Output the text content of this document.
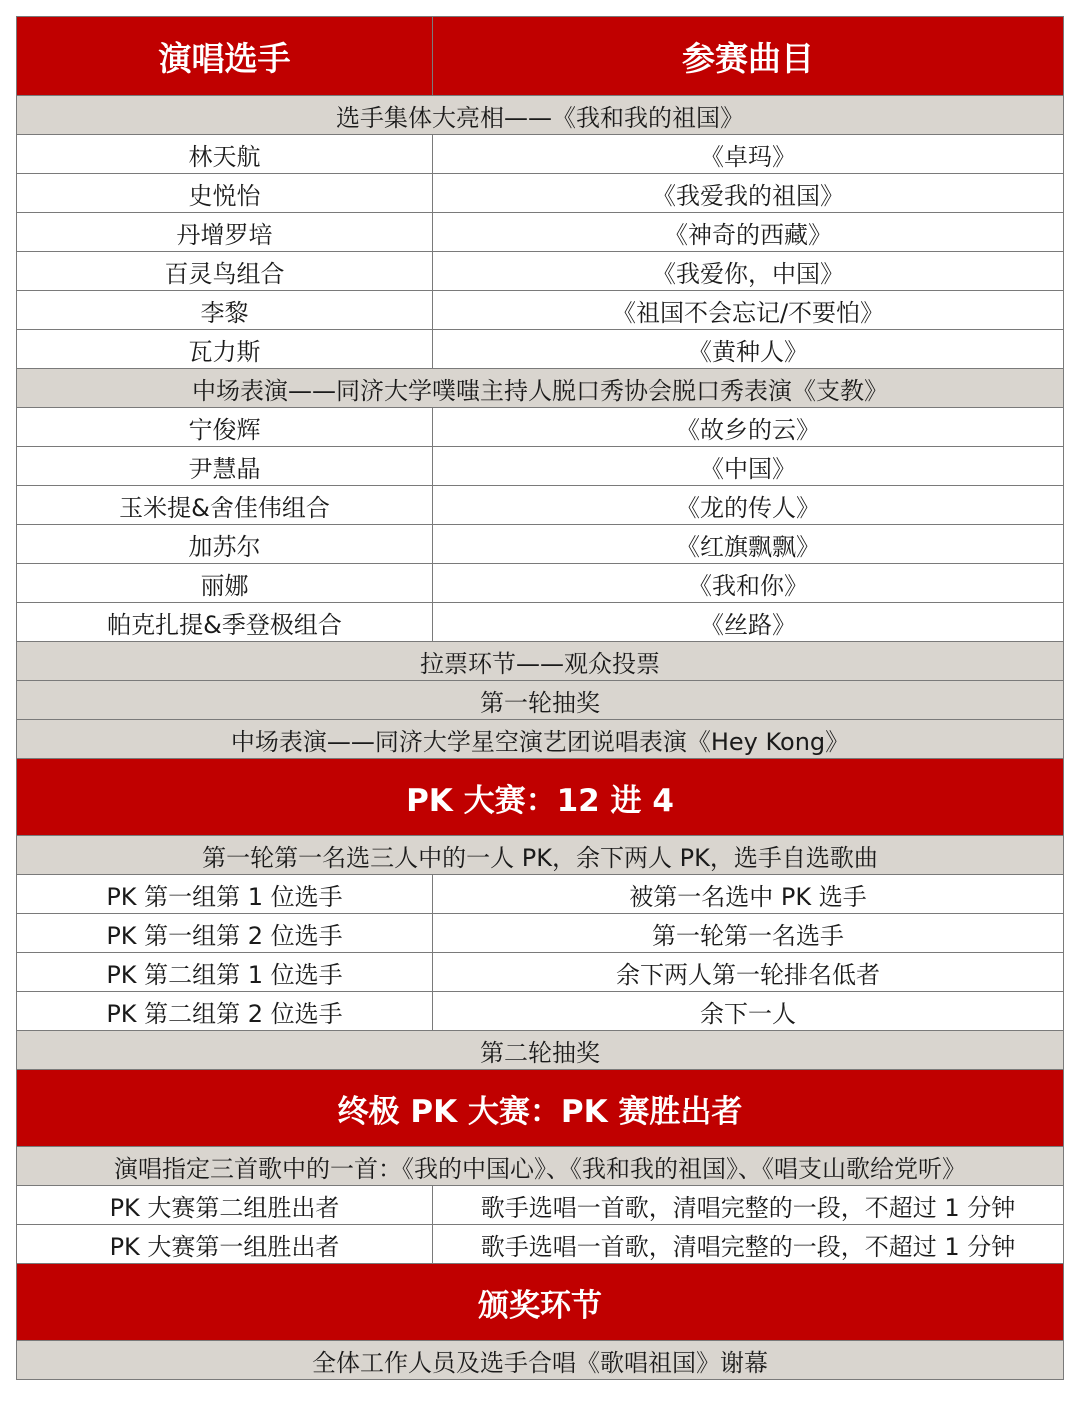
演唱选手	参赛曲目
选手集体大亮相——《我和我的祖国》	
林天航	《卓玛》
史悦怡	《我爱我的祖国》
丹增罗培	《神奇的西藏》
百灵鸟组合	《我爱你，中国》
李黎	《祖国不会忘记/不要怕》
瓦力斯	《黄种人》
中场表演——同济大学噗嗤主持人脱口秀协会脱口秀表演《支教》	
宁俊辉	《故乡的云》
尹慧晶	《中国》
玉米提&舍佳伟组合	《龙的传人》
加苏尔	《红旗飘飘》
丽娜	《我和你》
帕克扎提&季登极组合	《丝路》
拉票环节——观众投票	
第一轮抽奖	
中场表演——同济大学星空演艺团说唱表演《Hey Kong》	
PK 大赛：12 进 4	
第一轮第一名选三人中的一人 PK，余下两人 PK，选手自选歌曲	
PK 第一组第 1 位选手	被第一名选中 PK 选手
PK 第一组第 2 位选手	第一轮第一名选手
PK 第二组第 1 位选手	余下两人第一轮排名低者
PK 第二组第 2 位选手	余下一人
第二轮抽奖	
终极 PK 大赛：PK 赛胜出者	
演唱指定三首歌中的一首：《我的中国心》、《我和我的祖国》、《唱支山歌给党听》	
PK 大赛第二组胜出者	歌手选唱一首歌，清唱完整的一段，不超过 1 分钟
PK 大赛第一组胜出者	歌手选唱一首歌，清唱完整的一段，不超过 1 分钟
颁奖环节	
全体工作人员及选手合唱《歌唱祖国》谢幕	
